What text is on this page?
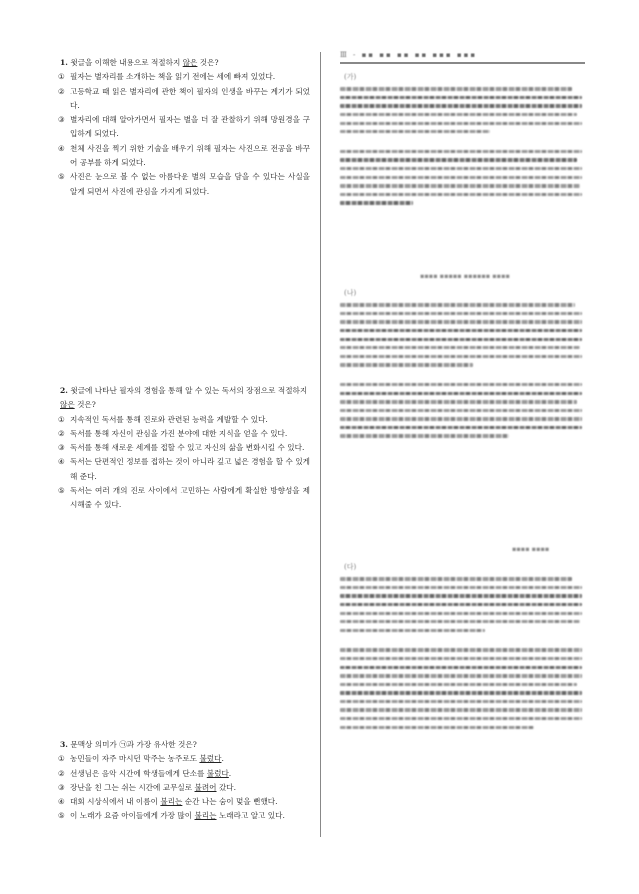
1. 윗글을 이해한 내용으로 적절하지 않은 것은?

① 필자는 별자리를 소개하는 책을 읽기 전에는 세에 빠져 있었다.
② 고등학교 때 읽은 별자리에 관한 책이 필자의 인생을 바꾸는 계기가 되었다.
③ 별자리에 대해 알아가면서 필자는 별을 더 잘 관찰하기 위해 망원경을 구입하게 되었다.
④ 천체 사진을 찍기 위한 기술을 배우기 위해 필자는 사진으로 전공을 바꾸어 공부를 하게 되었다.
⑤ 사진은 눈으로 볼 수 없는 아름다운 별의 모습을 담을 수 있다는 사실을 알게 되면서 사진에 관심을 가지게 되었다.

2. 윗글에 나타난 필자의 경험을 통해 알 수 있는 독서의 장점으로 적절하지 않은 것은?

① 지속적인 독서를 통해 진로와 관련된 능력을 계발할 수 있다.
② 독서를 통해 자신이 관심을 가진 분야에 대한 지식을 얻을 수 있다.
③ 독서를 통해 새로운 세계를 접할 수 있고 자신의 삶을 변화시킬 수 있다.
④ 독서는 단편적인 정보를 접하는 것이 아니라 깊고 넓은 경험을 할 수 있게 해 준다.
⑤ 독서는 여러 개의 진로 사이에서 고민하는 사람에게 확실한 방향성을 제시해줄 수 있다.

3. 문맥상 의미가 ㉠과 가장 유사한 것은?

① 농민들이 자주 마시던 막주는 농주로도 불렀다.
② 선생님은 음악 시간에 학생들에게 단소를 불렀다.
③ 장난을 친 그는 쉬는 시간에 교무실로 불려어 갔다.
④ 대회 시상식에서 내 이름이 불리는 순간 나는 숨이 멎을 뻔했다.
⑤ 이 노래가 요즘 아이들에게 가장 많이 불리는 노래라고 알고 있다.
Ⅲ - ▪▪ ▪▪ ▪▪ ▪▪ ▪▪▪ ▪▪▪
(가)
▪▪▪▪ ▪▪▪▪▪ ▪▪▪▪▪▪ ▪▪▪▪
(나)
▪▪▪▪ ▪▪▪▪
(다)
